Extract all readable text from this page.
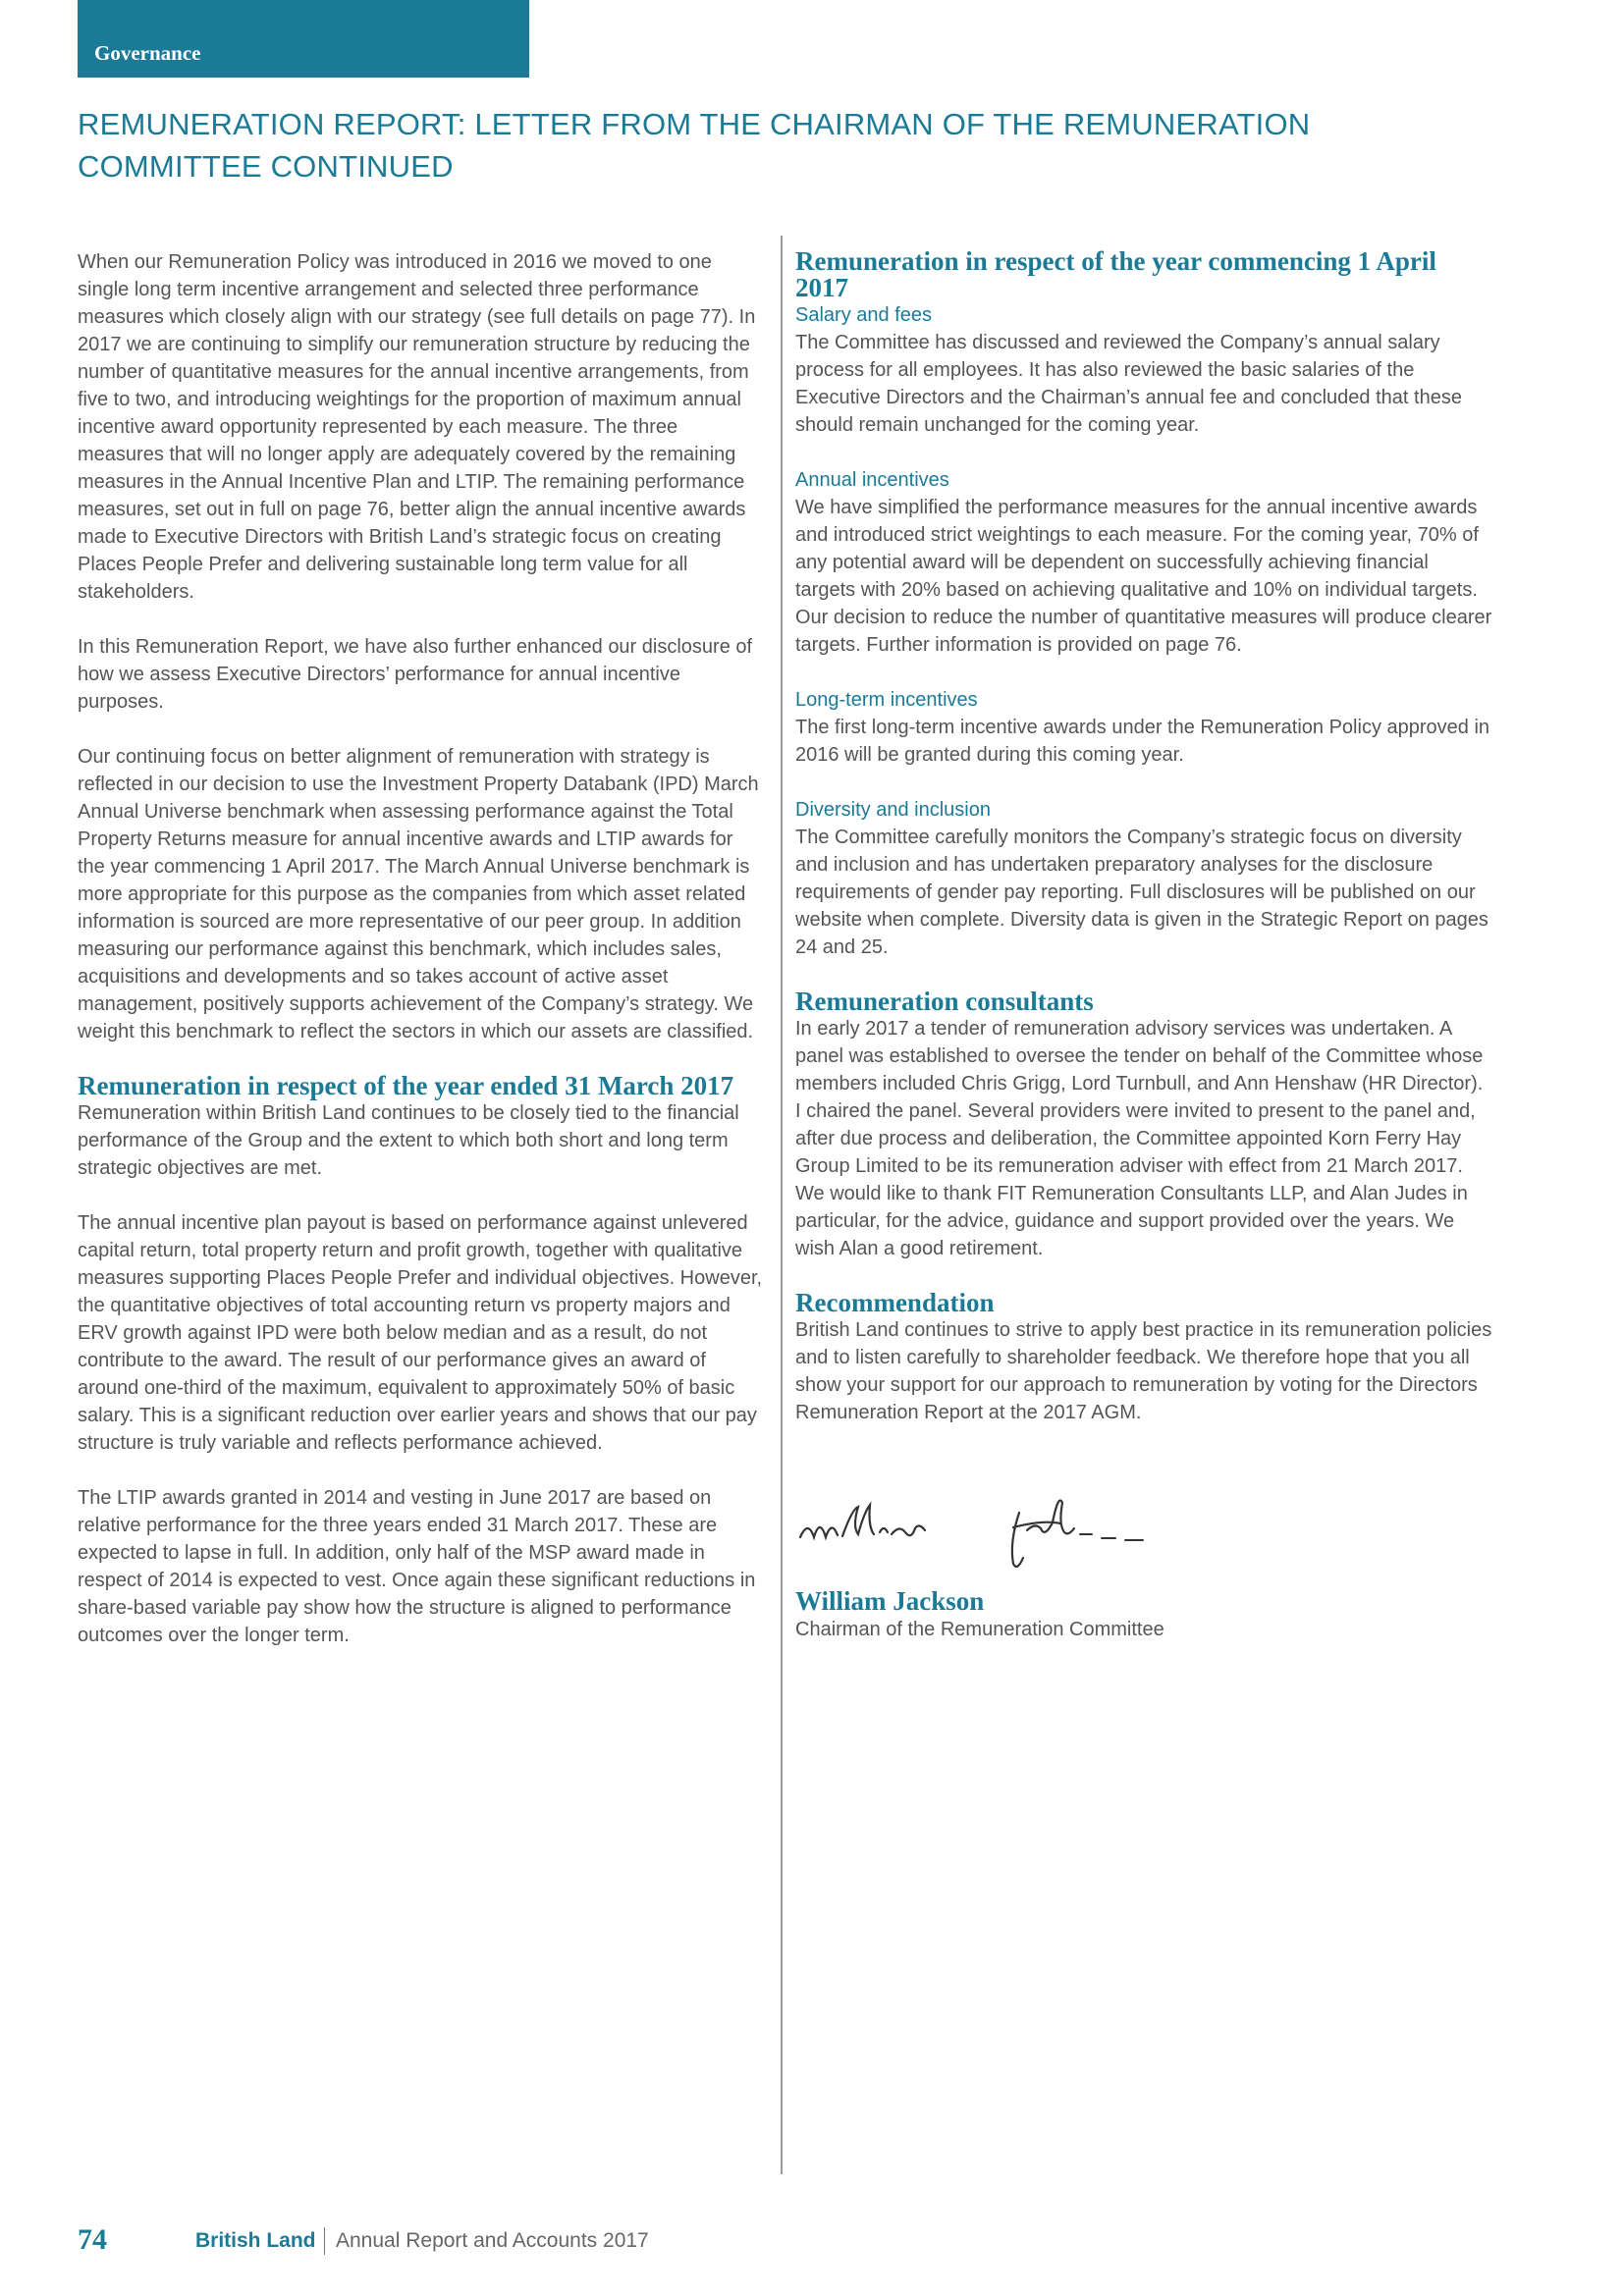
Governance
REMUNERATION REPORT: LETTER FROM THE CHAIRMAN OF THE REMUNERATION COMMITTEE CONTINUED

When our Remuneration Policy was introduced in 2016 we moved to one single long term incentive arrangement and selected three performance measures which closely align with our strategy (see full details on page 77). In 2017 we are continuing to simplify our remuneration structure by reducing the number of quantitative measures for the annual incentive arrangements, from five to two, and introducing weightings for the proportion of maximum annual incentive award opportunity represented by each measure. The three measures that will no longer apply are adequately covered by the remaining measures in the Annual Incentive Plan and LTIP. The remaining performance measures, set out in full on page 76, better align the annual incentive awards made to Executive Directors with British Land’s strategic focus on creating Places People Prefer and delivering sustainable long term value for all stakeholders.

In this Remuneration Report, we have also further enhanced our disclosure of how we assess Executive Directors’ performance for annual incentive purposes.

Our continuing focus on better alignment of remuneration with strategy is reflected in our decision to use the Investment Property Databank (IPD) March Annual Universe benchmark when assessing performance against the Total Property Returns measure for annual incentive awards and LTIP awards for the year commencing 1 April 2017. The March Annual Universe benchmark is more appropriate for this purpose as the companies from which asset related information is sourced are more representative of our peer group. In addition measuring our performance against this benchmark, which includes sales, acquisitions and developments and so takes account of active asset management, positively supports achievement of the Company’s strategy. We weight this benchmark to reflect the sectors in which our assets are classified.

Remuneration in respect of the year ended 31 March 2017

Remuneration within British Land continues to be closely tied to the financial performance of the Group and the extent to which both short and long term strategic objectives are met.

The annual incentive plan payout is based on performance against unlevered capital return, total property return and profit growth, together with qualitative measures supporting Places People Prefer and individual objectives. However, the quantitative objectives of total accounting return vs property majors and ERV growth against IPD were both below median and as a result, do not contribute to the award. The result of our performance gives an award of around one-third of the maximum, equivalent to approximately 50% of basic salary. This is a significant reduction over earlier years and shows that our pay structure is truly variable and reflects performance achieved.

The LTIP awards granted in 2014 and vesting in June 2017 are based on relative performance for the three years ended 31 March 2017. These are expected to lapse in full. In addition, only half of the MSP award made in respect of 2014 is expected to vest. Once again these significant reductions in share-based variable pay show how the structure is aligned to performance outcomes over the longer term.

Remuneration in respect of the year commencing 1 April 2017
Salary and fees

The Committee has discussed and reviewed the Company’s annual salary process for all employees. It has also reviewed the basic salaries of the Executive Directors and the Chairman’s annual fee and concluded that these should remain unchanged for the coming year.

Annual incentives

We have simplified the performance measures for the annual incentive awards and introduced strict weightings to each measure. For the coming year, 70% of any potential award will be dependent on successfully achieving financial targets with 20% based on achieving qualitative and 10% on individual targets. Our decision to reduce the number of quantitative measures will produce clearer targets. Further information is provided on page 76.

Long-term incentives

The first long-term incentive awards under the Remuneration Policy approved in 2016 will be granted during this coming year.

Diversity and inclusion

The Committee carefully monitors the Company’s strategic focus on diversity and inclusion and has undertaken preparatory analyses for the disclosure requirements of gender pay reporting. Full disclosures will be published on our website when complete. Diversity data is given in the Strategic Report on pages 24 and 25.

Remuneration consultants

In early 2017 a tender of remuneration advisory services was undertaken. A panel was established to oversee the tender on behalf of the Committee whose members included Chris Grigg, Lord Turnbull, and Ann Henshaw (HR Director). I chaired the panel. Several providers were invited to present to the panel and, after due process and deliberation, the Committee appointed Korn Ferry Hay Group Limited to be its remuneration adviser with effect from 21 March 2017. We would like to thank FIT Remuneration Consultants LLP, and Alan Judes in particular, for the advice, guidance and support provided over the years. We wish Alan a good retirement.

Recommendation

British Land continues to strive to apply best practice in its remuneration policies and to listen carefully to shareholder feedback. We therefore hope that you all show your support for our approach to remuneration by voting for the Directors Remuneration Report at the 2017 AGM.

William Jackson
Chairman of the Remuneration Committee
74	British Land Annual Report and Accounts 2017
